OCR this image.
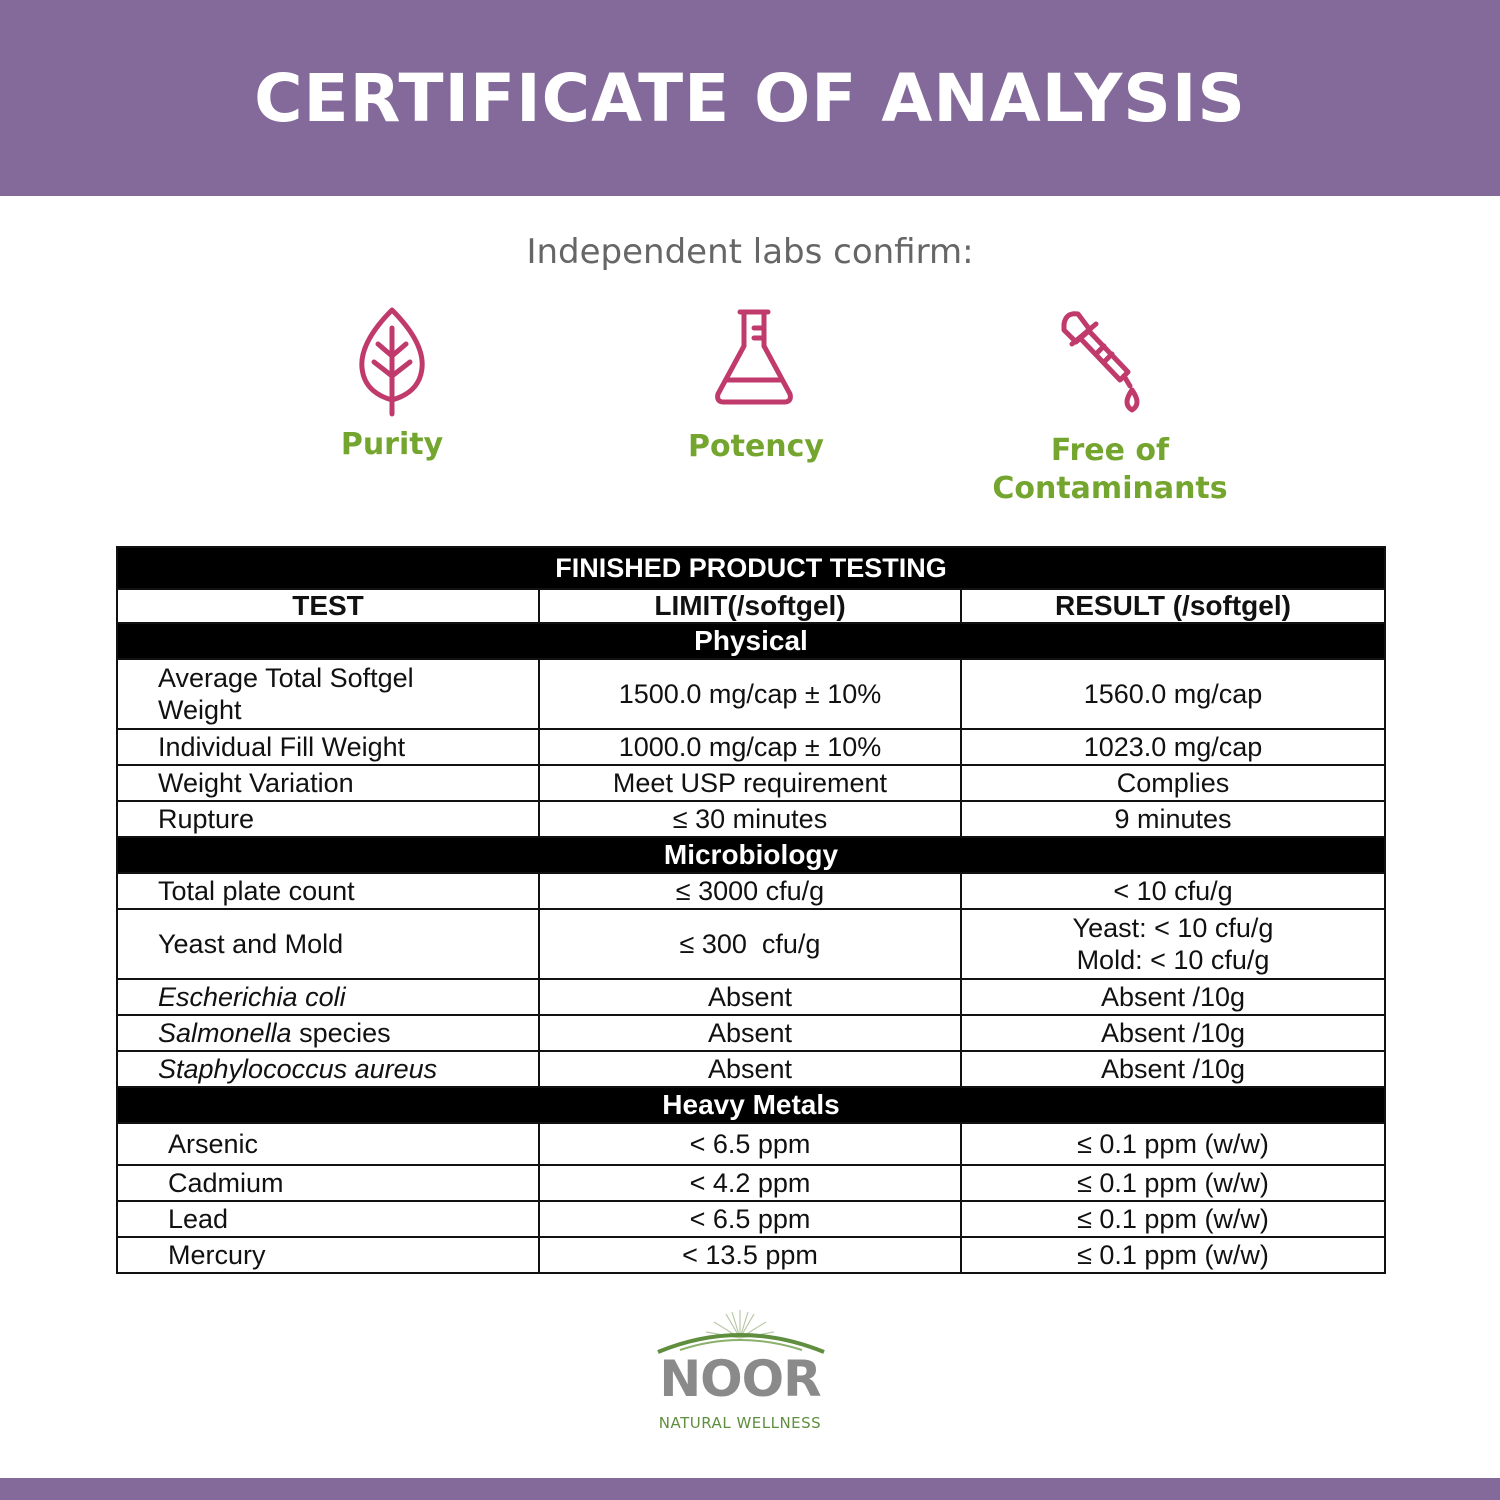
CERTIFICATE OF ANALYSIS
Independent labs confirm:
Purity	Potency	Free of
Contaminants
FINISHED PRODUCT TESTING		
TEST	LIMIT(/softgel)	RESULT (/softgel)
Physical		

Average Total Softgel
Weight	1500.0 mg/cap ± 10%	1560.0 mg/cap
Individual Fill Weight	1000.0 mg/cap ± 10%	1023.0 mg/cap
Weight Variation	Meet USP requirement	Complies
Rupture	≤ 30 minutes	9 minutes
Microbiology		
Total plate count	≤ 3000 cfu/g	< 10 cfu/g
Yeast and Mold	≤ 300  cfu/g	Yeast: < 10 cfu/g
Mold: < 10 cfu/g

Escherichia coli	Absent	Absent /10g
Salmonella species	Absent	Absent /10g
Staphylococcus aureus	Absent	Absent /10g
Heavy Metals		
Arsenic	< 6.5 ppm	≤ 0.1 ppm (w/w)
Cadmium	< 4.2 ppm	≤ 0.1 ppm (w/w)
Lead	< 6.5 ppm	≤ 0.1 ppm (w/w)
Mercury	< 13.5 ppm	≤ 0.1 ppm (w/w)
NOOR
NATURAL WELLNESS
